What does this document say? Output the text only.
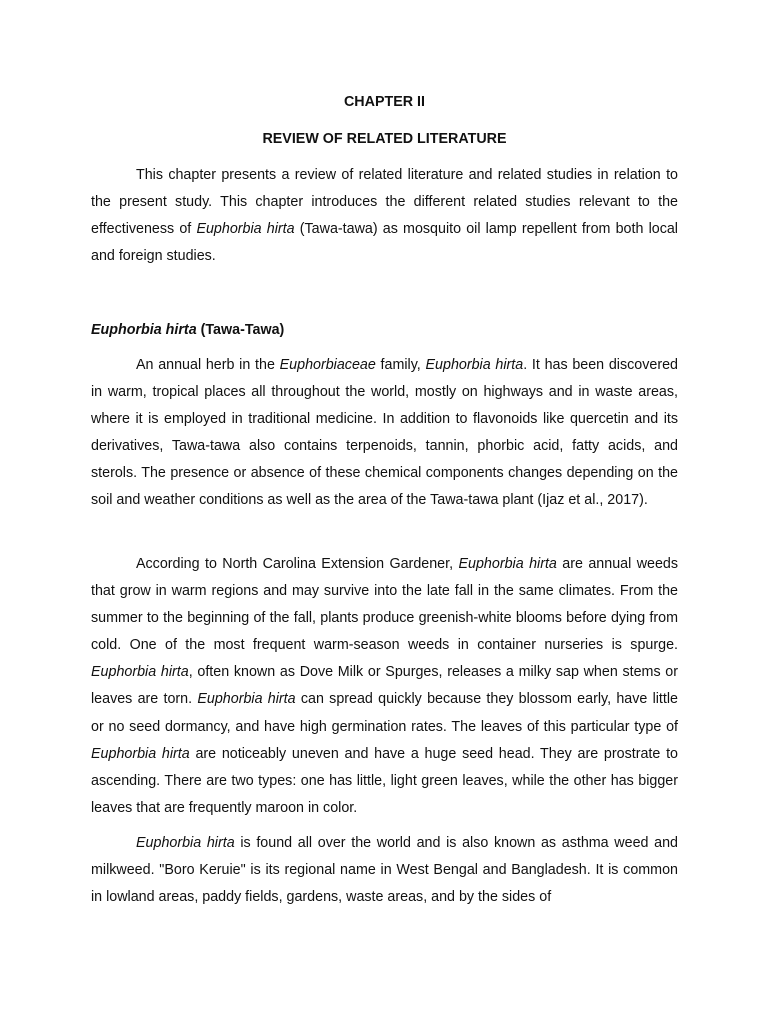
CHAPTER II
REVIEW OF RELATED LITERATURE

This chapter presents a review of related literature and related studies in relation to the present study. This chapter introduces the different related studies relevant to the effectiveness of Euphorbia hirta (Tawa-tawa) as mosquito oil lamp repellent from both local and foreign studies.

Euphorbia hirta (Tawa-Tawa)

An annual herb in the Euphorbiaceae family, Euphorbia hirta. It has been discovered in warm, tropical places all throughout the world, mostly on highways and in waste areas, where it is employed in traditional medicine. In addition to flavonoids like quercetin and its derivatives, Tawa-tawa also contains terpenoids, tannin, phorbic acid, fatty acids, and sterols. The presence or absence of these chemical components changes depending on the soil and weather conditions as well as the area of the Tawa-tawa plant (Ijaz et al., 2017).

According to North Carolina Extension Gardener, Euphorbia hirta are annual weeds that grow in warm regions and may survive into the late fall in the same climates. From the summer to the beginning of the fall, plants produce greenish-white blooms before dying from cold. One of the most frequent warm-season weeds in container nurseries is spurge. Euphorbia hirta, often known as Dove Milk or Spurges, releases a milky sap when stems or leaves are torn. Euphorbia hirta can spread quickly because they blossom early, have little or no seed dormancy, and have high germination rates. The leaves of this particular type of Euphorbia hirta are noticeably uneven and have a huge seed head. They are prostrate to ascending. There are two types: one has little, light green leaves, while the other has bigger leaves that are frequently maroon in color.

Euphorbia hirta is found all over the world and is also known as asthma weed and milkweed. "Boro Keruie" is its regional name in West Bengal and Bangladesh. It is common in lowland areas, paddy fields, gardens, waste areas, and by the sides of
